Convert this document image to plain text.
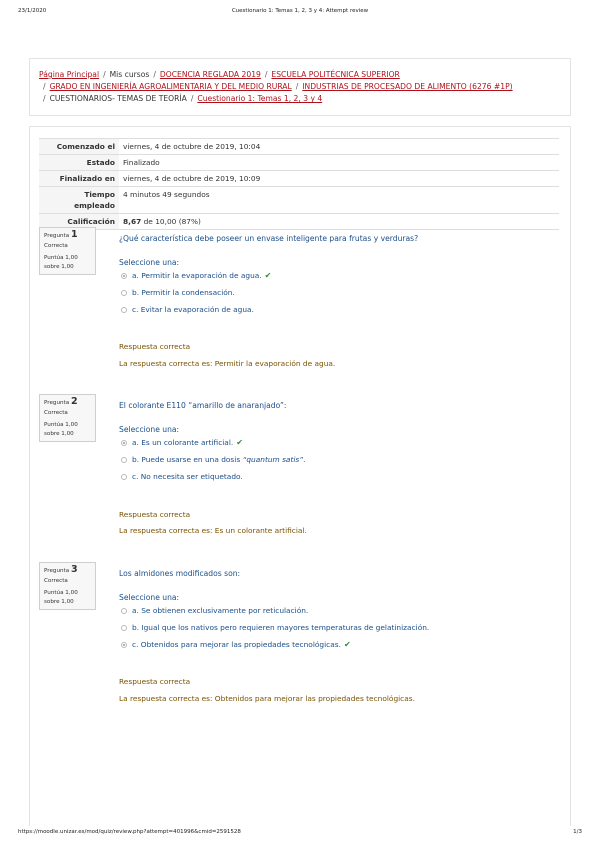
23/1/2020	Cuestionario 1: Temas 1, 2, 3 y 4: Attempt review
Página Principal / Mis cursos / DOCENCIA REGLADA 2019 / ESCUELA POLITÉCNICA SUPERIOR
/ GRADO EN INGENIERÍA AGROALIMENTARIA Y DEL MEDIO RURAL / INDUSTRIAS DE PROCESADO DE ALIMENTO (6276 #1P)
/ CUESTIONARIOS- TEMAS DE TEORÍA / Cuestionario 1: Temas 1, 2, 3 y 4
Comenzado el	viernes, 4 de octubre de 2019, 10:04
Estado	Finalizado
Finalizado en	viernes, 4 de octubre de 2019, 10:09
Tiempo
empleado	4 minutos 49 segundos
Calificación	8,67 de 10,00 (87%)
Pregunta 1
Correcta
Puntúa 1,00
sobre 1,00
¿Qué característica debe poseer un envase inteligente para frutas y verduras?
Seleccione una:
a. Permitir la evaporación de agua. ✔
b. Permitir la condensación.
c. Evitar la evaporación de agua.
Respuesta correcta
La respuesta correcta es: Permitir la evaporación de agua.
Pregunta 2
Correcta
Puntúa 1,00
sobre 1,00
El colorante E110 “amarillo de anaranjado”:
Seleccione una:
a. Es un colorante artificial. ✔
b. Puede usarse en una dosis “quantum satis”.
c. No necesita ser etiquetado.
Respuesta correcta
La respuesta correcta es: Es un colorante artificial.
Pregunta 3
Correcta
Puntúa 1,00
sobre 1,00
Los almidones modificados son:
Seleccione una:
a. Se obtienen exclusivamente por reticulación.
b. Igual que los nativos pero requieren mayores temperaturas de gelatinización.
c. Obtenidos para mejorar las propiedades tecnológicas. ✔
Respuesta correcta
La respuesta correcta es: Obtenidos para mejorar las propiedades tecnológicas.
https://moodle.unizar.es/mod/quiz/review.php?attempt=401996&cmid=2591528	1/3
